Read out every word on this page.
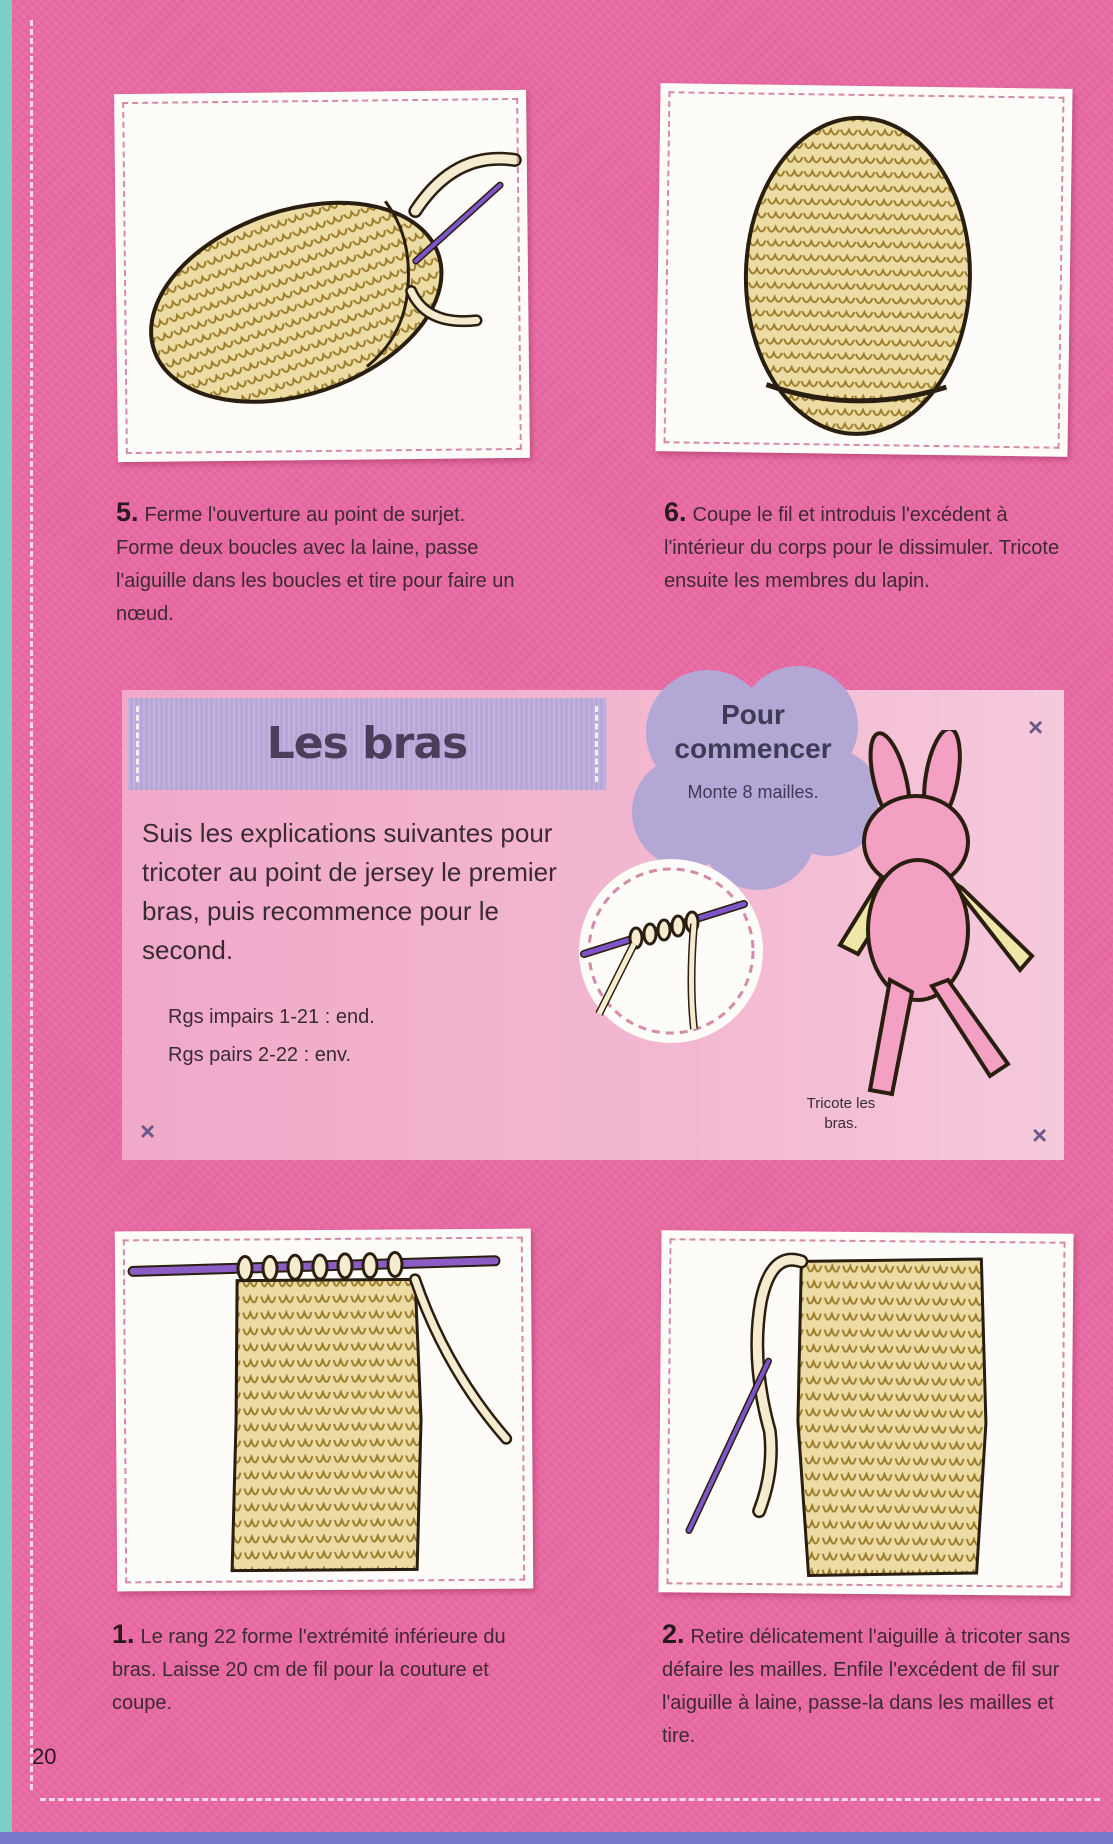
5. Ferme l'ouverture au point de surjet. Forme deux boucles avec la laine, passe l'aiguille dans les boucles et tire pour faire un nœud.
6. Coupe le fil et introduis l'excédent à l'intérieur du corps pour le dissimuler. Tricote ensuite les membres du lapin.
×
×	×
Les bras
Suis les explications suivantes pour tricoter au point de jersey le premier bras, puis recommence pour le second.
Rgs impairs 1-21 : end.
Rgs pairs 2-22 : env.
Pour commencer
Monte 8 mailles.
Tricote les bras.
1. Le rang 22 forme l'extrémité inférieure du bras. Laisse 20 cm de fil pour la couture et coupe.
2. Retire délicatement l'aiguille à tricoter sans défaire les mailles. Enfile l'excédent de fil sur l'aiguille à laine, passe-la dans les mailles et tire.
20
